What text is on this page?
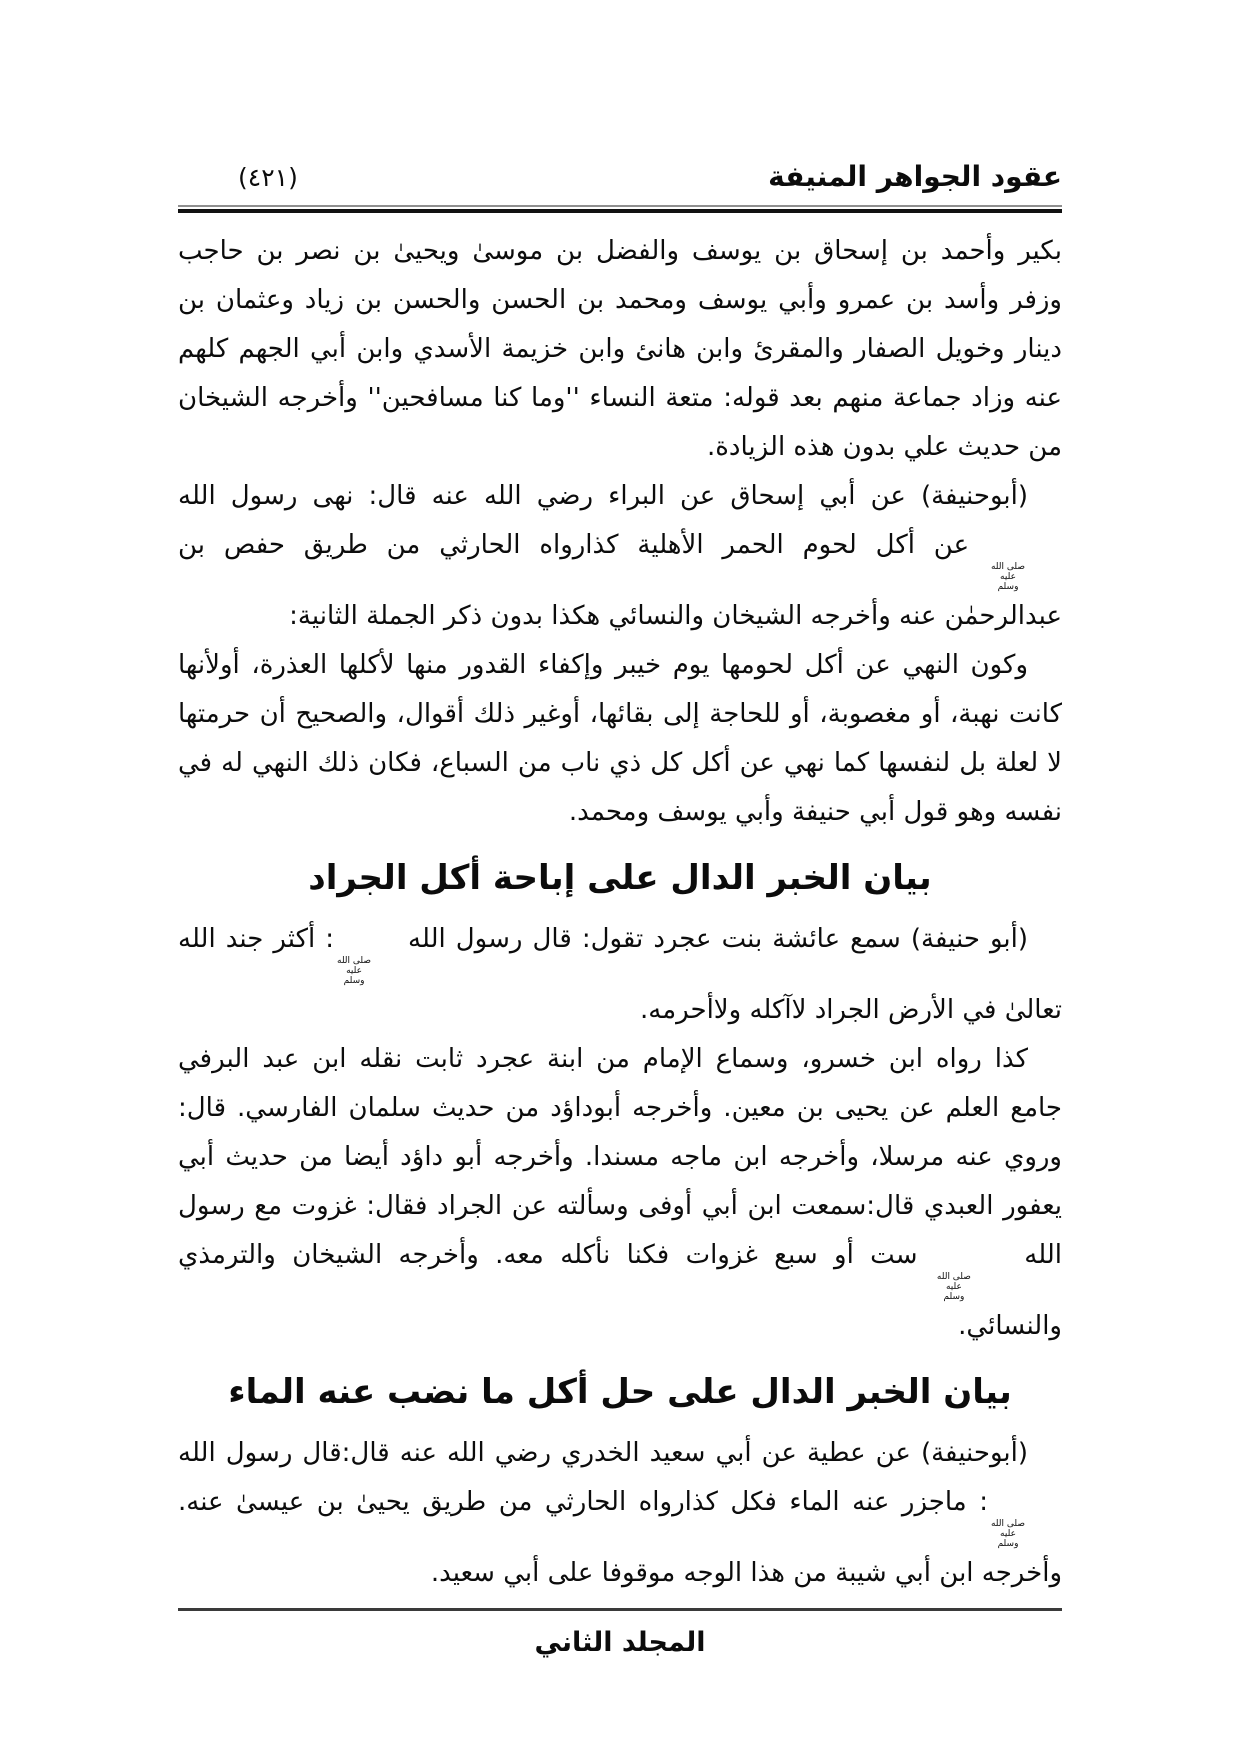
عقود الجواهر المنيفة
(٤٢١)

بكير وأحمد بن إسحاق بن يوسف والفضل بن موسىٰ ويحيىٰ بن نصر بن حاجب وزفر وأسد بن عمرو وأبي يوسف ومحمد بن الحسن والحسن بن زياد وعثمان بن دينار وخويل الصفار والمقرئ وابن هانئ وابن خزيمة الأسدي وابن أبي الجهم كلهم عنه وزاد جماعة منهم بعد قوله: متعة النساء ''وما كنا مسافحين'' وأخرجه الشيخان من حديث علي بدون هذه الزيادة.

(أبوحنيفة) عن أبي إسحاق عن البراء رضي الله عنه قال: نهى رسول الله
صلى الله
عليه
وسلم
عن أكل لحوم الحمر الأهلية كذارواه الحارثي من طريق حفص بن عبدالرحمٰن عنه وأخرجه الشيخان والنسائي هكذا بدون ذكر الجملة الثانية:

وكون النهي عن أكل لحومها يوم خيبر وإكفاء القدور منها لأكلها العذرة، أولأنها كانت نهبة، أو مغصوبة، أو للحاجة إلى بقائها، أوغير ذلك أقوال، والصحيح أن حرمتها لا لعلة بل لنفسها كما نهي عن أكل كل ذي ناب من السباع، فكان ذلك النهي له في نفسه وهو قول أبي حنيفة وأبي يوسف ومحمد.

بيان الخبر الدال على إباحة أكل الجراد

(أبو حنيفة) سمع عائشة بنت عجرد تقول: قال رسول الله
صلى الله
عليه
وسلم
: أكثر جند الله تعالىٰ في الأرض الجراد لاآكله ولاأحرمه.

كذا رواه ابن خسرو، وسماع الإمام من ابنة عجرد ثابت نقله ابن عبد البرفي جامع العلم عن يحيى بن معين. وأخرجه أبوداؤد من حديث سلمان الفارسي. قال: وروي عنه مرسلا، وأخرجه ابن ماجه مسندا. وأخرجه أبو داؤد أيضا من حديث أبي يعفور العبدي قال:سمعت ابن أبي أوفى وسألته عن الجراد فقال: غزوت مع رسول الله
صلى الله
عليه
وسلم
ست أو سبع غزوات فكنا نأكله معه. وأخرجه الشيخان والترمذي والنسائي.

بيان الخبر الدال على حل أكل ما نضب عنه الماء

(أبوحنيفة) عن عطية عن أبي سعيد الخدري رضي الله عنه قال:قال رسول الله
صلى الله
عليه
وسلم
: ماجزر عنه الماء فكل كذارواه الحارثي من طريق يحيىٰ بن عيسىٰ عنه. وأخرجه ابن أبي شيبة من هذا الوجه موقوفا على أبي سعيد.

المجلد الثاني
